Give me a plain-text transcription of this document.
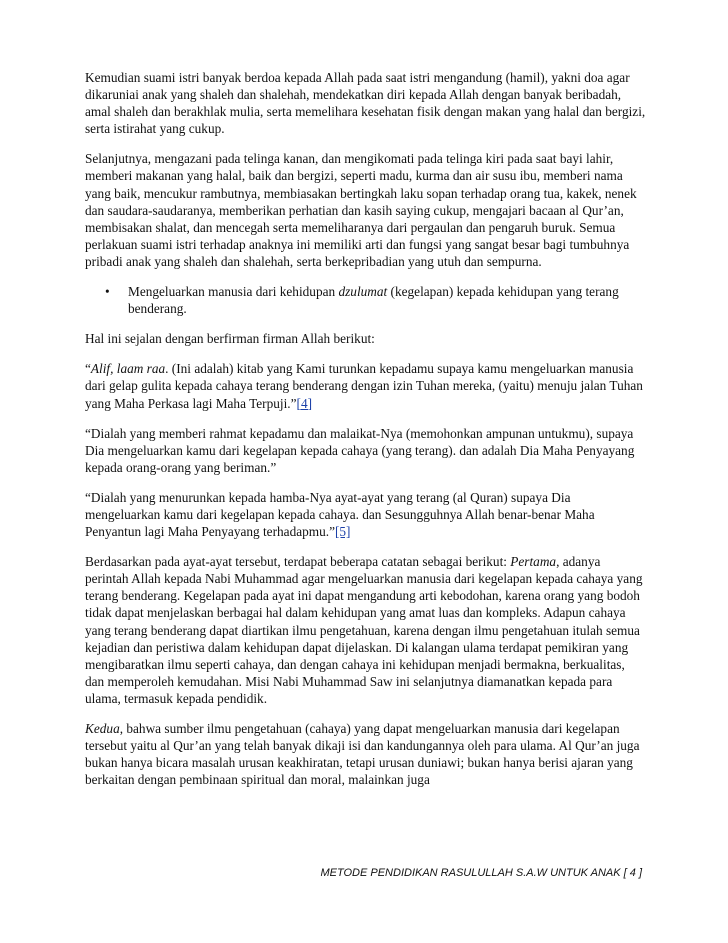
Kemudian suami istri banyak berdoa kepada Allah pada saat istri mengandung (hamil), yakni doa agar dikaruniai anak yang shaleh dan shalehah, mendekatkan diri kepada Allah dengan banyak beribadah, amal shaleh dan berakhlak mulia, serta memelihara kesehatan fisik dengan makan yang halal dan bergizi, serta istirahat yang cukup.

Selanjutnya, mengazani pada telinga kanan, dan mengikomati pada telinga kiri pada saat bayi lahir, memberi makanan yang halal, baik dan bergizi, seperti madu, kurma dan air susu ibu, memberi nama yang baik, mencukur rambutnya, membiasakan bertingkah laku sopan terhadap orang tua, kakek, nenek dan saudara-saudaranya, memberikan perhatian dan kasih saying cukup, mengajari bacaan al Qur’an, membisakan shalat, dan mencegah serta memeliharanya dari pergaulan dan pengaruh buruk. Semua perlakuan suami istri terhadap anaknya ini memiliki arti dan fungsi yang sangat besar bagi tumbuhnya pribadi anak yang shaleh dan shalehah, serta berkepribadian yang utuh dan sempurna.

• Mengeluarkan manusia dari kehidupan dzulumat (kegelapan) kepada kehidupan yang terang benderang.

Hal ini sejalan dengan berfirman firman Allah berikut:

“Alif, laam raa. (Ini adalah) kitab yang Kami turunkan kepadamu supaya kamu mengeluarkan manusia dari gelap gulita kepada cahaya terang benderang dengan izin Tuhan mereka, (yaitu) menuju jalan Tuhan yang Maha Perkasa lagi Maha Terpuji.”[4]

“Dialah yang memberi rahmat kepadamu dan malaikat-Nya (memohonkan ampunan untukmu), supaya Dia mengeluarkan kamu dari kegelapan kepada cahaya (yang terang). dan adalah Dia Maha Penyayang kepada orang-orang yang beriman.”

“Dialah yang menurunkan kepada hamba-Nya ayat-ayat yang terang (al Quran) supaya Dia mengeluarkan kamu dari kegelapan kepada cahaya. dan Sesungguhnya Allah benar-benar Maha Penyantun lagi Maha Penyayang terhadapmu.”[5]

Berdasarkan pada ayat-ayat tersebut, terdapat beberapa catatan sebagai berikut: Pertama, adanya perintah Allah kepada Nabi Muhammad agar mengeluarkan manusia dari kegelapan kepada cahaya yang terang benderang. Kegelapan pada ayat ini dapat mengandung arti kebodohan, karena orang yang bodoh tidak dapat menjelaskan berbagai hal dalam kehidupan yang amat luas dan kompleks. Adapun cahaya yang terang benderang dapat diartikan ilmu pengetahuan, karena dengan ilmu pengetahuan itulah semua kejadian dan peristiwa dalam kehidupan dapat dijelaskan. Di kalangan ulama terdapat pemikiran yang mengibaratkan ilmu seperti cahaya, dan dengan cahaya ini kehidupan menjadi bermakna, berkualitas, dan memperoleh kemudahan. Misi Nabi Muhammad Saw ini selanjutnya diamanatkan kepada para ulama, termasuk kepada pendidik.

Kedua, bahwa sumber ilmu pengetahuan (cahaya) yang dapat mengeluarkan manusia dari kegelapan tersebut yaitu al Qur’an yang telah banyak dikaji isi dan kandungannya oleh para ulama. Al Qur’an juga bukan hanya bicara masalah urusan keakhiratan, tetapi urusan duniawi; bukan hanya berisi ajaran yang berkaitan dengan pembinaan spiritual dan moral, malainkan juga

METODE PENDIDIKAN RASULULLAH S.A.W UNTUK ANAK [ 4 ]
